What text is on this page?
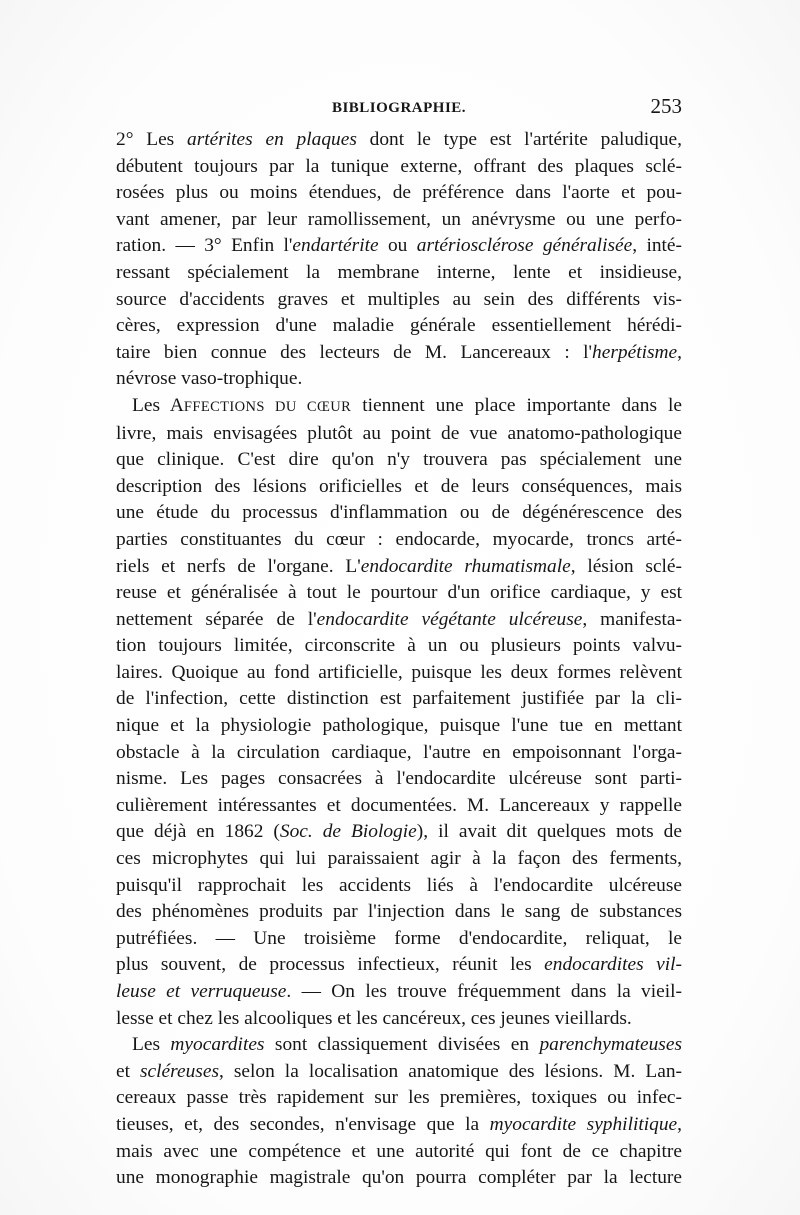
BIBLIOGRAPHIE.	253
2° Les artérites en plaques dont le type est l'artérite paludique,
débutent toujours par la tunique externe, offrant des plaques sclé-
rosées plus ou moins étendues, de préférence dans l'aorte et pou-
vant amener, par leur ramollissement, un anévrysme ou une perfo-
ration. — 3° Enfin l'endartérite ou artériosclérose généralisée, inté-
ressant spécialement la membrane interne, lente et insidieuse,
source d'accidents graves et multiples au sein des différents vis-
cères, expression d'une maladie générale essentiellement hérédi-
taire bien connue des lecteurs de M. Lancereaux : l'herpétisme,
névrose vaso-trophique.
Les AFFECTIONS DU CŒUR tiennent une place importante dans le
livre, mais envisagées plutôt au point de vue anatomo-pathologique
que clinique. C'est dire qu'on n'y trouvera pas spécialement une
description des lésions orificielles et de leurs conséquences, mais
une étude du processus d'inflammation ou de dégénérescence des
parties constituantes du cœur : endocarde, myocarde, troncs arté-
riels et nerfs de l'organe. L'endocardite rhumatismale, lésion sclé-
reuse et généralisée à tout le pourtour d'un orifice cardiaque, y est
nettement séparée de l'endocardite végétante ulcéreuse, manifesta-
tion toujours limitée, circonscrite à un ou plusieurs points valvu-
laires. Quoique au fond artificielle, puisque les deux formes relèvent
de l'infection, cette distinction est parfaitement justifiée par la cli-
nique et la physiologie pathologique, puisque l'une tue en mettant
obstacle à la circulation cardiaque, l'autre en empoisonnant l'orga-
nisme. Les pages consacrées à l'endocardite ulcéreuse sont parti-
culièrement intéressantes et documentées. M. Lancereaux y rappelle
que déjà en 1862 (Soc. de Biologie), il avait dit quelques mots de
ces microphytes qui lui paraissaient agir à la façon des ferments,
puisqu'il rapprochait les accidents liés à l'endocardite ulcéreuse
des phénomènes produits par l'injection dans le sang de substances
putréfiées. — Une troisième forme d'endocardite, reliquat, le
plus souvent, de processus infectieux, réunit les endocardites vil-
leuse et verruqueuse. — On les trouve fréquemment dans la vieil-
lesse et chez les alcooliques et les cancéreux, ces jeunes vieillards.
Les myocardites sont classiquement divisées en parenchymateuses
et scléreuses, selon la localisation anatomique des lésions. M. Lan-
cereaux passe très rapidement sur les premières, toxiques ou infec-
tieuses, et, des secondes, n'envisage que la myocardite syphilitique,
mais avec une compétence et une autorité qui font de ce chapitre
une monographie magistrale qu'on pourra compléter par la lecture
